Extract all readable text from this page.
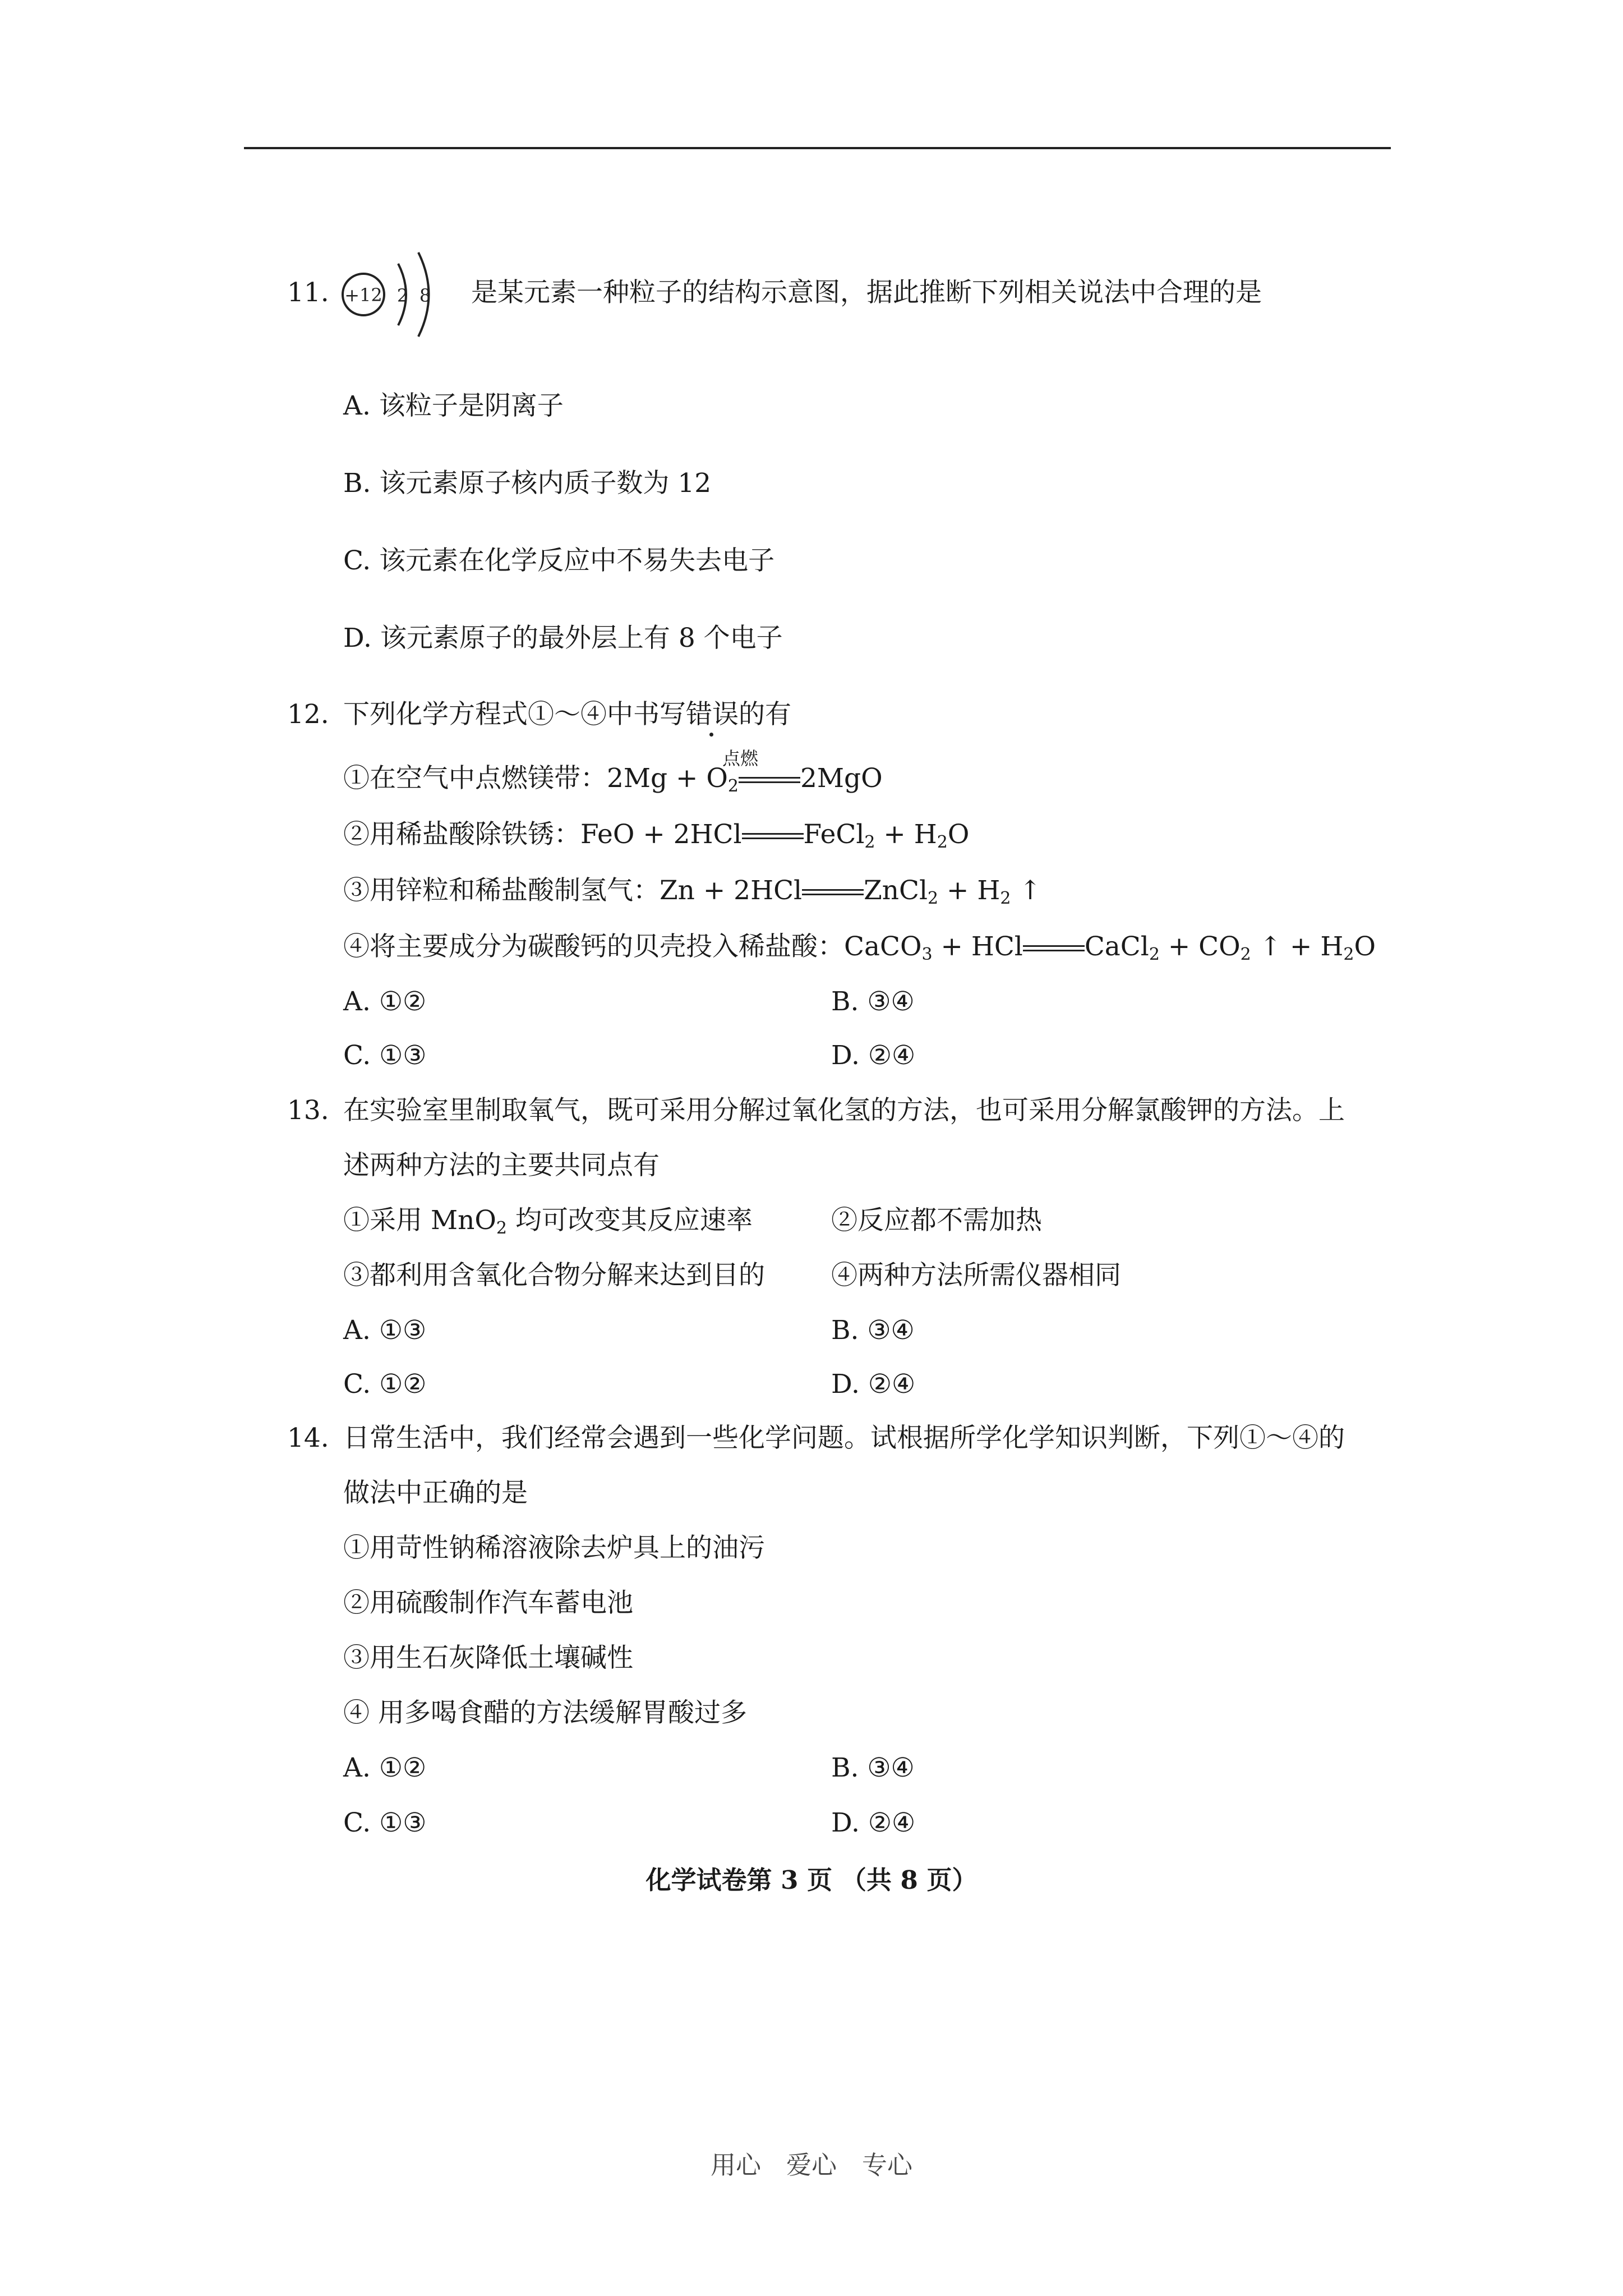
11. +12 2 8 是某元素一种粒子的结构示意图，据此推断下列相关说法中合理的是
A. 该粒子是阴离子
B. 该元素原子核内质子数为 12
C. 该元素在化学反应中不易失去电子
D. 该元素原子的最外层上有 8 个电子
12. 下列化学方程式①～④中书写错误的有
点燃
①在空气中点燃镁带：$2Mg + O_2$ 2MgO
②用稀盐酸除铁锈：FeO + 2HCl FeCl$_2$ + $H_2O$
③用锌粒和稀盐酸制氢气：Zn + 2HCl ZnCl$_2$ + $H_2$ ↑
④将主要成分为碳酸钙的贝壳投入稀盐酸：CaCO$_3$ + HCl CaCl$_2$ + $CO_2$ ↑ + $H_2O$
A. ①②	B. ③④
C. ①③	D. ②④
13. 在实验室里制取氧气，既可采用分解过氧化氢的方法，也可采用分解氯酸钾的方法。上
述两种方法的主要共同点有
①采用 MnO$_2$ 均可改变其反应速率	②反应都不需加热
③都利用含氧化合物分解来达到目的	④两种方法所需仪器相同
A. ①③	B. ③④
C. ①②	D. ②④
14. 日常生活中，我们经常会遇到一些化学问题。试根据所学化学知识判断，下列①～④的
做法中正确的是
①用苛性钠稀溶液除去炉具上的油污
②用硫酸制作汽车蓄电池
③用生石灰降低土壤碱性
④ 用多喝食醋的方法缓解胃酸过多
A. ①②	B. ③④
C. ①③	D. ②④
化学试卷第 3 页 （共 8 页）
用心　爱心　专心
